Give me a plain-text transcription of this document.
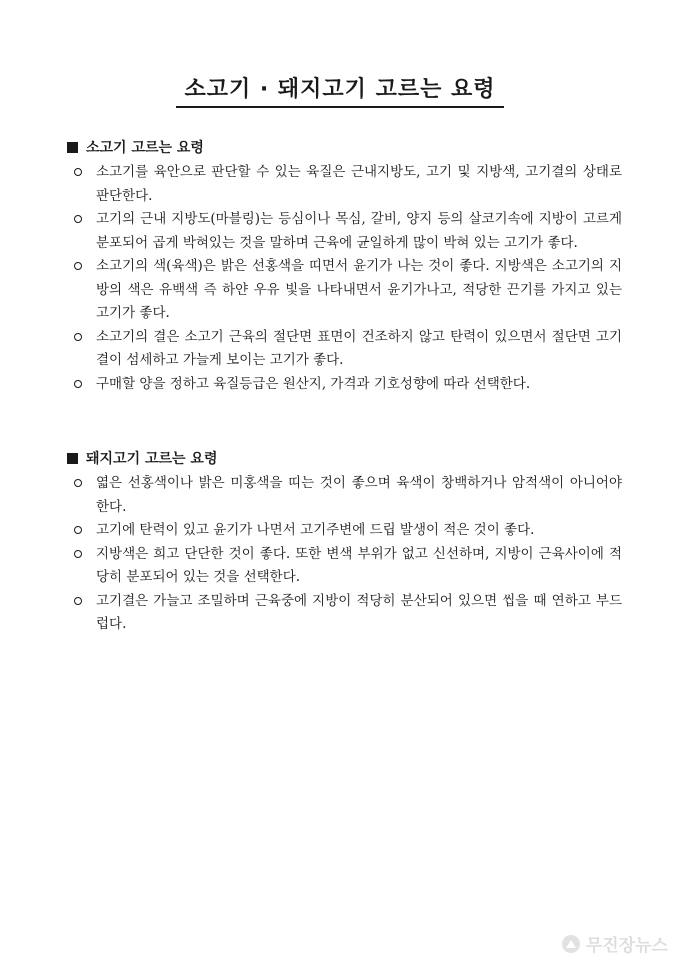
소고기 · 돼지고기 고르는 요령
소고기 고르는 요령
소고기를 육안으로 판단할 수 있는 육질은 근내지방도, 고기 및 지방색, 고기결의 상태로 판단한다.
고기의 근내 지방도(마블링)는 등심이나 목심, 갈비, 양지 등의 살코기속에 지방이 고르게 분포되어 곱게 박혀있는 것을 말하며 근육에 균일하게 많이 박혀 있는 고기가 좋다.
소고기의 색(육색)은 밝은 선홍색을 띠면서 윤기가 나는 것이 좋다. 지방색은 소고기의 지방의 색은 유백색 즉 하얀 우유 빛을 나타내면서 윤기가나고, 적당한 끈기를 가지고 있는 고기가 좋다.
소고기의 결은 소고기 근육의 절단면 표면이 건조하지 않고 탄력이 있으면서 절단면 고기결이 섬세하고 가늘게 보이는 고기가 좋다.
구매할 양을 정하고 육질등급은 원산지, 가격과 기호성향에 따라 선택한다.
돼지고기 고르는 요령
엷은 선홍색이나 밝은 미홍색을 띠는 것이 좋으며 육색이 창백하거나 암적색이 아니어야 한다.
고기에 탄력이 있고 윤기가 나면서 고기주변에 드립 발생이 적은 것이 좋다.
지방색은 희고 단단한 것이 좋다. 또한 변색 부위가 없고 신선하며, 지방이 근육사이에 적당히 분포되어 있는 것을 선택한다.
고기결은 가늘고 조밀하며 근육중에 지방이 적당히 분산되어 있으면 씹을 때 연하고 부드럽다.
무진장뉴스
